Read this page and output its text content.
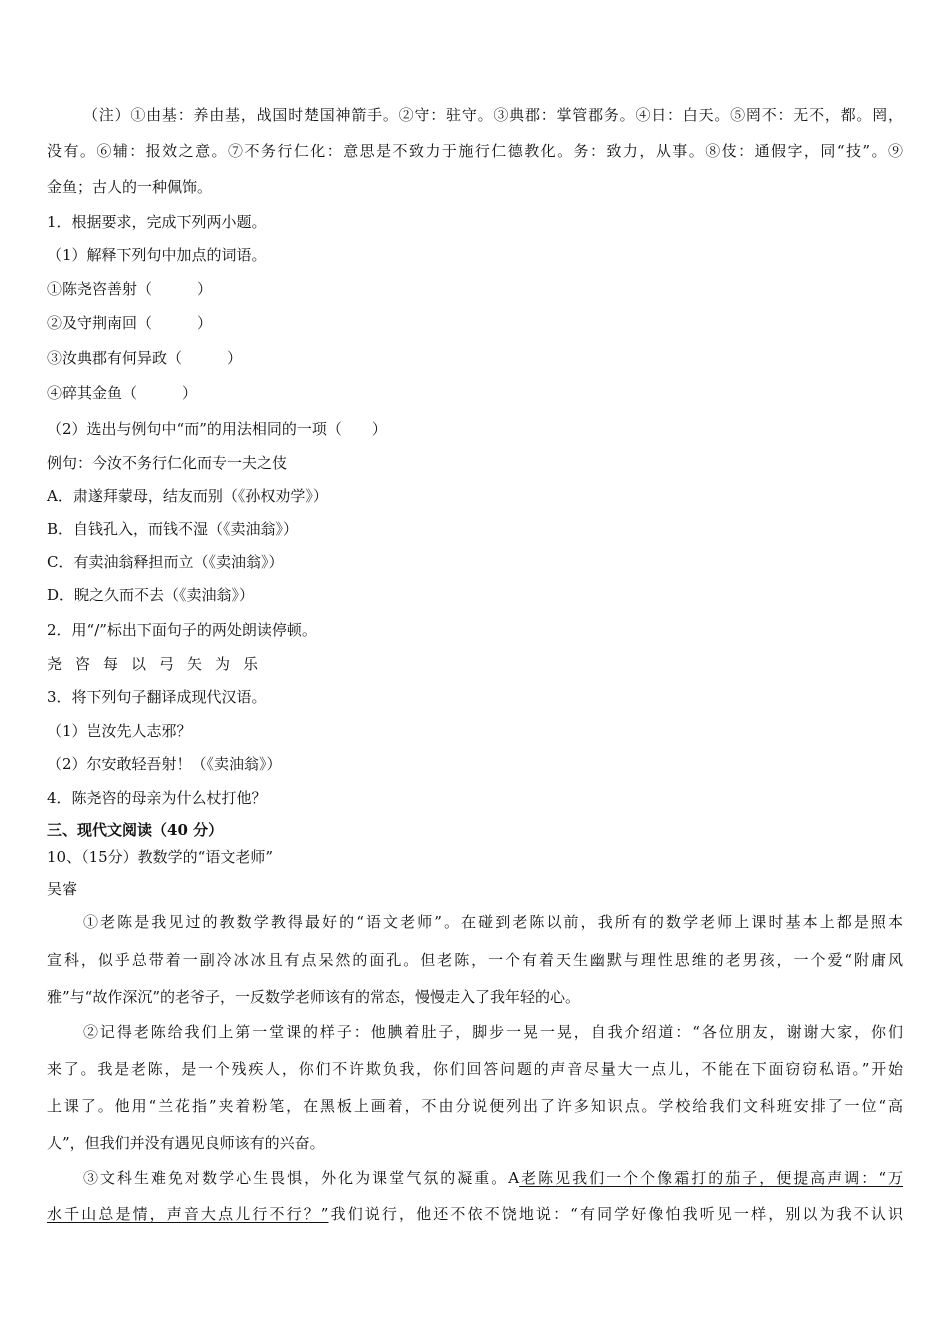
（注）①由基：养由基，战国时楚国神箭手。②守：驻守。③典郡：掌管郡务。④日：白天。⑤罔不：无不，都。罔，
没有。⑥辅：报效之意。⑦不务行仁化：意思是不致力于施行仁德教化。务：致力，从事。⑧伎：通假字，同“技”。⑨
金鱼；古人的一种佩饰。
1．根据要求，完成下列两小题。
（1）解释下列句中加点的词语。
①陈尧咨善射（　　　）
②及守荆南回（　　　）
③汝典郡有何异政（　　　）
④碎其金鱼（　　　）
（2）选出与例句中“而”的用法相同的一项（　　）
例句：今汝不务行仁化而专一夫之伎
A．肃遂拜蒙母，结友而别（《孙权劝学》）
B．自钱孔入，而钱不湿（《卖油翁》）
C．有卖油翁释担而立（《卖油翁》）
D．睨之久而不去（《卖油翁》）
2．用“/”标出下面句子的两处朗读停顿。
尧咨每以弓矢为乐
3．将下列句子翻译成现代汉语。
（1）岂汝先人志邪？
（2）尔安敢轻吾射！（《卖油翁》）
4．陈尧咨的母亲为什么杖打他？
三、现代文阅读（40 分）
10、（15分）教数学的“语文老师”
吴睿
①老陈是我见过的教数学教得最好的“语文老师”。在碰到老陈以前，我所有的数学老师上课时基本上都是照本
宣科，似乎总带着一副冷冰冰且有点呆然的面孔。但老陈，一个有着天生幽默与理性思维的老男孩，一个爱“附庸风
雅”与“故作深沉”的老爷子，一反数学老师该有的常态，慢慢走入了我年轻的心。
②记得老陈给我们上第一堂课的样子：他腆着肚子，脚步一晃一晃，自我介绍道：“各位朋友，谢谢大家，你们
来了。我是老陈，是一个残疾人，你们不许欺负我，你们回答问题的声音尽量大一点儿，不能在下面窃窃私语。”开始
上课了。他用“兰花指”夹着粉笔，在黑板上画着，不由分说便列出了许多知识点。学校给我们文科班安排了一位“高
人”，但我们并没有遇见良师该有的兴奋。
③文科生难免对数学心生畏惧，外化为课堂气氛的凝重。A老陈见我们一个个像霜打的茄子，便提高声调：“万
水千山总是情，声音大点儿行不行？”我们说行，他还不依不饶地说：“有同学好像怕我听见一样，别以为我不认识
